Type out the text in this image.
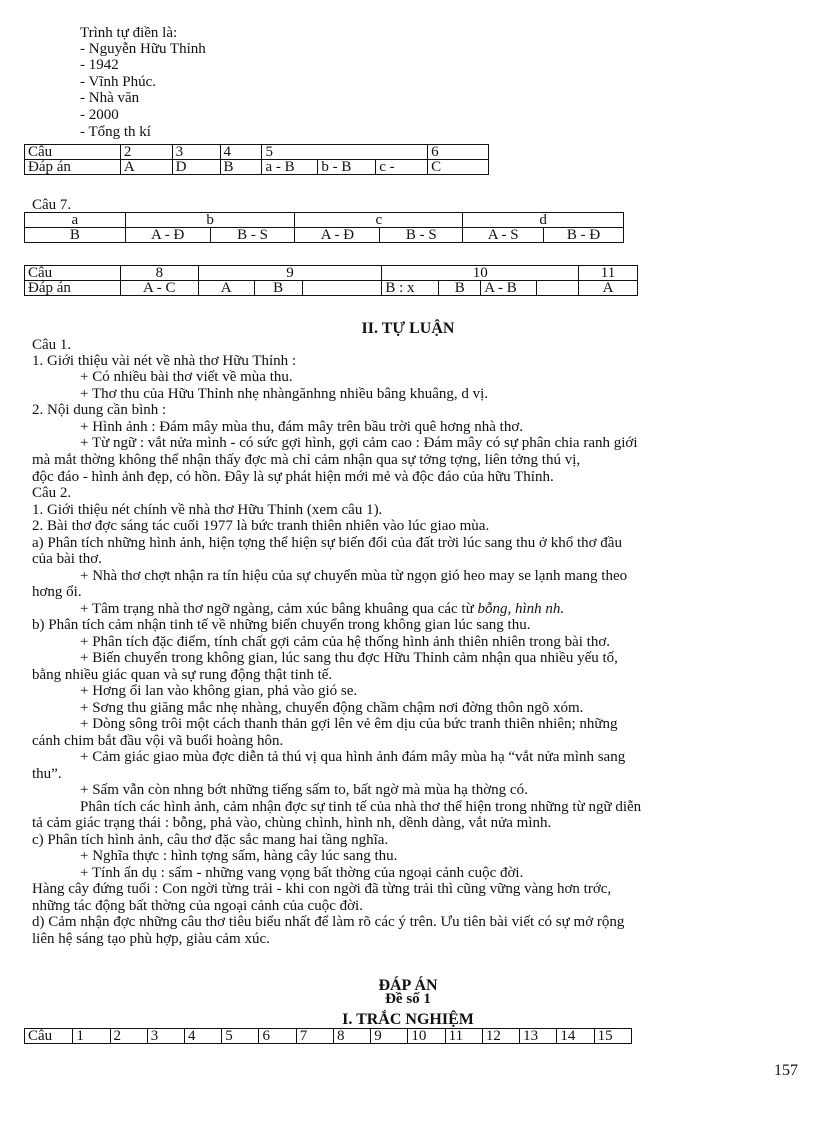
Trình tự điền là:
- Nguyễn Hữu Thỉnh
- 1942
- Vĩnh Phúc.
- Nhà văn
- 2000
- Tổng th kí
Câu	2	3	4	5			6
Đáp án	A	D	B	a - B	b - B	c -	C
Câu 7.
a	b		c		d	
B	A - Đ	B - S	A - Đ	B - S	A - S	B - Đ
Câu	8	9			10				11
Đáp án	A - C	A	B		B : x	B	A - B		A
II. TỰ LUẬN
Câu 1.
1. Giới thiệu vài nét về nhà thơ Hữu Thỉnh :
+ Có nhiều bài thơ viết về mùa thu.
+ Thơ thu của Hữu Thỉnh nhẹ nhàngănhng nhiều bâng khuâng, d vị.
2. Nội dung cần bình :
+ Hình ảnh : Đám mây mùa thu, đám mây trên bầu trời quê hơng nhà thơ.
+ Từ ngữ : vắt nửa mình - có sức gợi hình, gợi cảm cao : Đám mây có sự phân chia ranh giới
mà mắt thờng không thể nhận thấy đợc mà chỉ cảm nhận qua sự tởng tợng, liên tởng thú vị,
độc đáo - hình ảnh đẹp, có hồn. Đây là sự phát hiện mới mẻ và độc đáo của hữu Thỉnh.
Câu 2.
1. Giới thiệu nét chính về nhà thơ Hữu Thỉnh (xem câu 1).
2. Bài thơ đợc sáng tác cuối 1977 là bức tranh thiên nhiên vào lúc giao mùa.
a) Phân tích những hình ảnh, hiện tợng thể hiện sự biến đổi của đất trời lúc sang thu ở khổ thơ đầu
của bài thơ.
+ Nhà thơ chợt nhận ra tín hiệu của sự chuyển mùa từ ngọn gió heo may se lạnh mang theo
hơng ổi.
+ Tâm trạng nhà thơ ngỡ ngàng, cảm xúc bâng khuâng qua các từ bỗng, hình nh.
b) Phân tích cảm nhận tinh tế về những biến chuyển trong không gian lúc sang thu.
+ Phân tích đặc điểm, tính chất gợi cảm của hệ thống hình ảnh thiên nhiên trong bài thơ.
+ Biến chuyển trong không gian, lúc sang thu đợc Hữu Thỉnh cảm nhận qua nhiều yếu tố,
bằng nhiều giác quan và sự rung động thật tinh tế.
+ Hơng ổi lan vào không gian, phả vào gió se.
+ Sơng thu giăng mắc nhẹ nhàng, chuyển động chầm chậm nơi đờng thôn ngõ xóm.
+ Dòng sông trôi một cách thanh thản gợi lên vẻ êm dịu của bức tranh thiên nhiên; những
cánh chim bắt đầu vội vã buổi hoàng hôn.
+ Cảm giác giao mùa đợc diễn tả thú vị qua hình ảnh đám mây mùa hạ “vắt nửa mình sang
thu”.
+ Sấm vẫn còn nhng bớt những tiếng sấm to, bất ngờ mà mùa hạ thờng có.
Phân tích các hình ảnh, cảm nhận đợc sự tinh tế của nhà thơ thể hiện trong những từ ngữ diễn
tả cảm giác trạng thái : bỗng, phả vào, chùng chình, hình nh, dềnh dàng, vắt nửa mình.
c) Phân tích hình ảnh, câu thơ đặc sắc mang hai tầng nghĩa.
+ Nghĩa thực : hình tợng sấm, hàng cây lúc sang thu.
+ Tính ẩn dụ : sấm - những vang vọng bất thờng của ngoại cảnh cuộc đời.
Hàng cây đứng tuổi : Con ngời từng trải - khi con ngời đã từng trải thì cũng vững vàng hơn trớc,
những tác động bất thờng của ngoại cảnh của cuộc đời.
d) Cảm nhận đợc những câu thơ tiêu biểu nhất để làm rõ các ý trên. Ưu tiên bài viết có sự mở rộng
liên hệ sáng tạo phù hợp, giàu cảm xúc.
ĐÁP ÁN
Đề số 1
I. TRẮC NGHIỆM
Câu	1	2	3	4	5	6	7	8	9	10	11	12	13	14	15
157
